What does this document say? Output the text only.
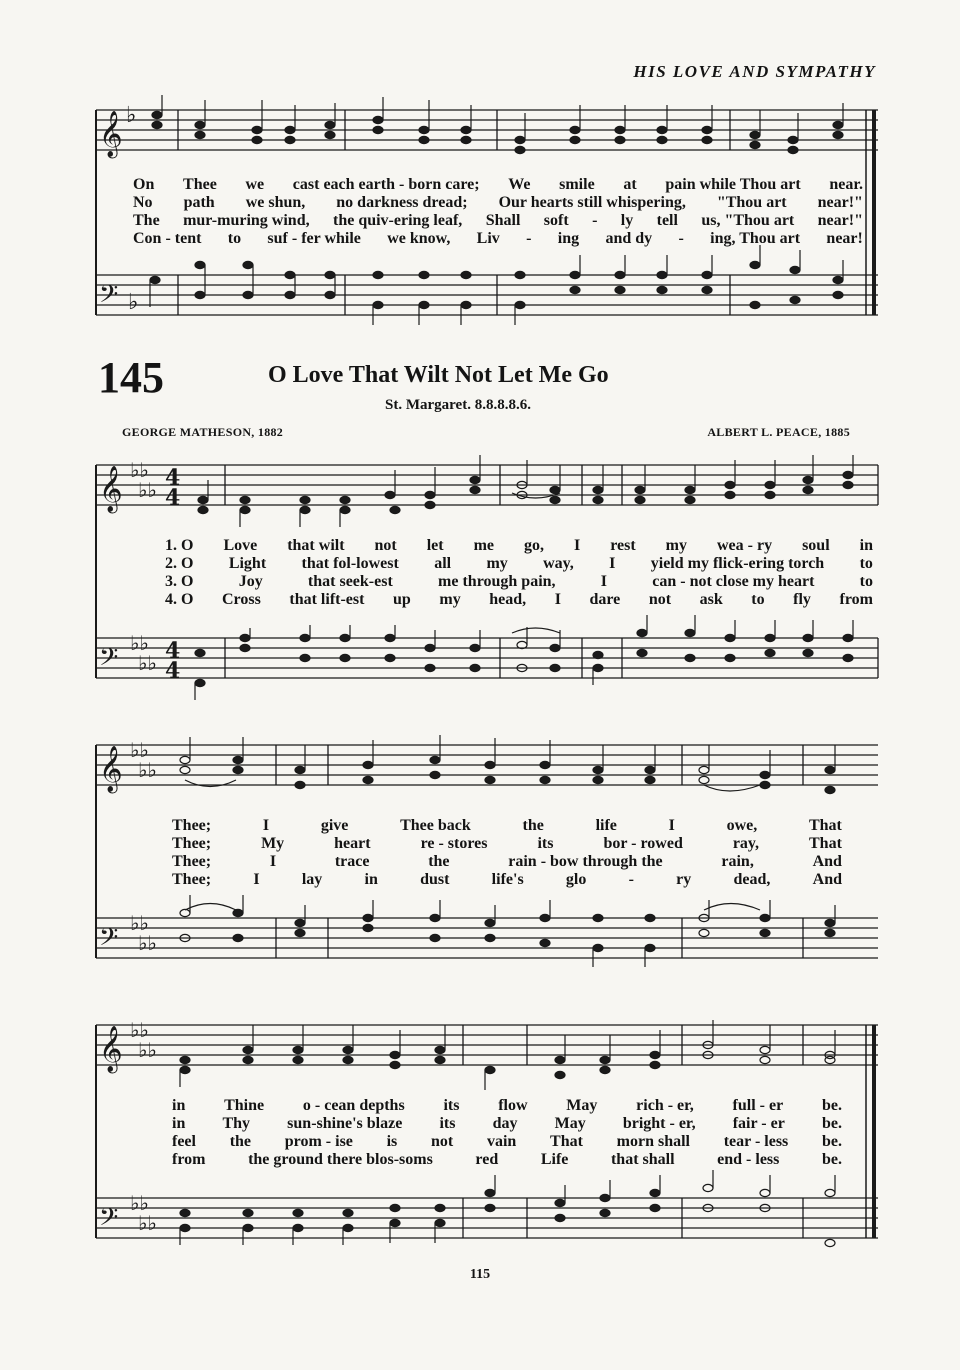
HIS LOVE AND SYMPATHY
𝄞
𝄢
♭
♭
On Thee we cast each earth - born care; We smile at pain while Thou art near.
No path we shun, no darkness dread; Our hearts still whispering, "Thou art near!"
The mur-muring wind, the quiv-ering leaf, Shall soft - ly tell us, "Thou art near!"
Con - tent to suf - fer while we know, Liv - ing and dy - ing, Thou art near!
145	O Love That Wilt Not Let Me Go
St. Margaret. 8.8.8.8.6.
GEORGE MATHESON, 1882	ALBERT L. PEACE, 1885
𝄞
𝄢
♭♭
♭♭
♭♭
♭♭
4
4
4
4
1. O Love that wilt not let me go, I rest my wea - ry soul in
2. O Light that fol-lowest all my way, I yield my flick-ering torch to
3. O	Joy	that seek-est	me through pain,	I	can - not close my heart	to
4. O Cross that lift-est up my head, I dare not ask to fly from
𝄞
𝄢
♭♭
♭♭
♭♭
♭♭
Thee;	I	give	Thee back	the	life	I	owe,	That
Thee;	My	heart	re - stores	its	bor - rowed	ray,	That
Thee;	I	trace	the	rain - bow through the	rain,	And
Thee;	I	lay	in	dust	life's	glo	-	ry	dead,	And
𝄞
𝄢
♭♭
♭♭
♭♭
♭♭
in Thine o - cean depths its flow May rich - er, full - er be.
in Thy sun-shine's blaze its day May bright - er, fair - er be.
feel the prom - ise is not vain That morn shall tear - less be.
from	the ground there blos-soms	red	Life	that shall	end - less	be.
115
